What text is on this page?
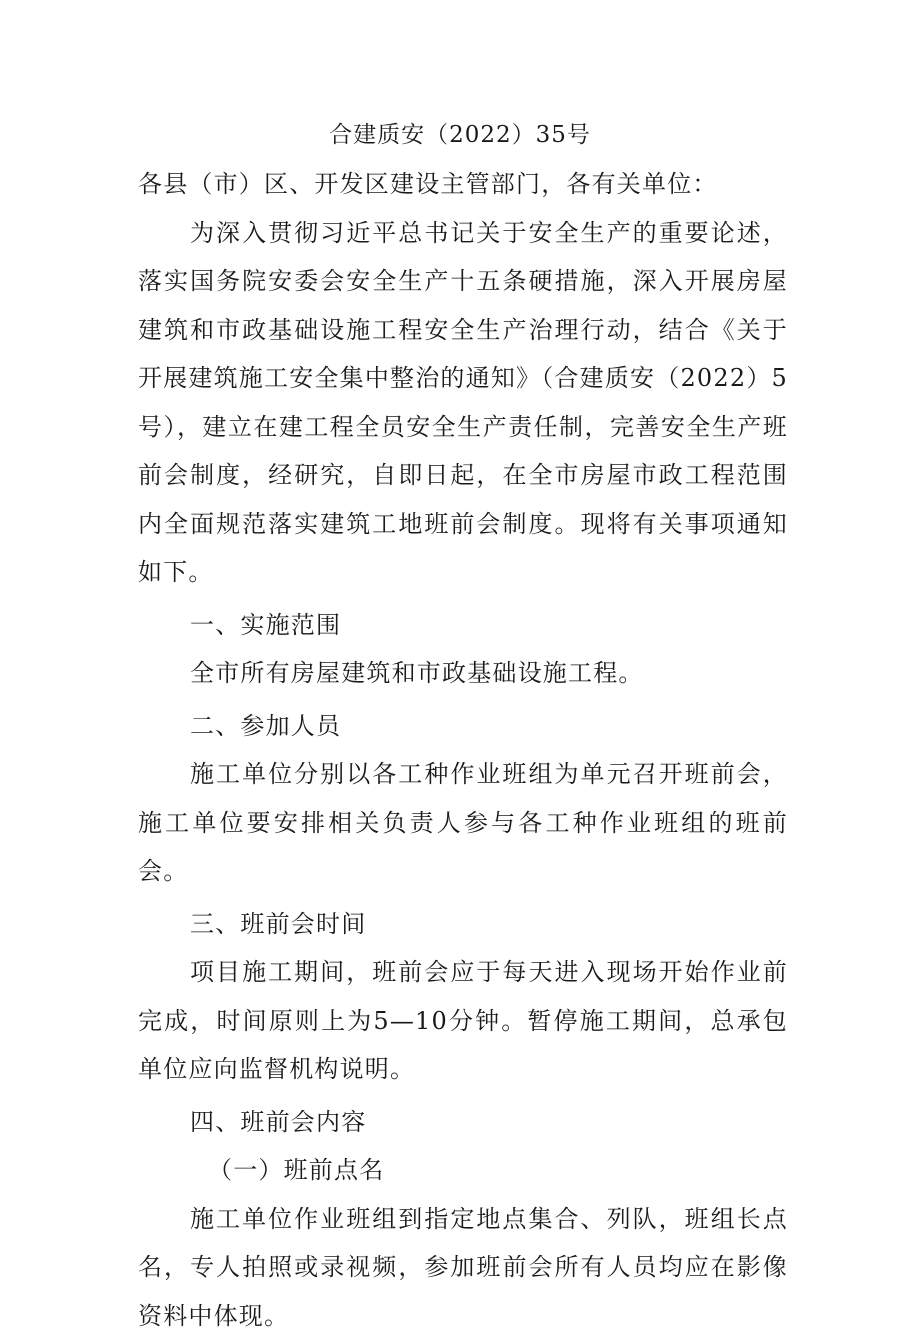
合建质安（2022）35号

各县（市）区、开发区建设主管部门，各有关单位：

为深入贯彻习近平总书记关于安全生产的重要论述，落实国务院安委会安全生产十五条硬措施，深入开展房屋建筑和市政基础设施工程安全生产治理行动，结合《关于开展建筑施工安全集中整治的通知》（合建质安（2022）5号），建立在建工程全员安全生产责任制，完善安全生产班前会制度，经研究，自即日起，在全市房屋市政工程范围内全面规范落实建筑工地班前会制度。现将有关事项通知如下。

一、实施范围

全市所有房屋建筑和市政基础设施工程。

二、参加人员

施工单位分别以各工种作业班组为单元召开班前会，施工单位要安排相关负责人参与各工种作业班组的班前会。

三、班前会时间

项目施工期间，班前会应于每天进入现场开始作业前完成，时间原则上为5—10分钟。暂停施工期间，总承包单位应向监督机构说明。

四、班前会内容

（一）班前点名

施工单位作业班组到指定地点集合、列队，班组长点名，专人拍照或录视频，参加班前会所有人员均应在影像资料中体现。
